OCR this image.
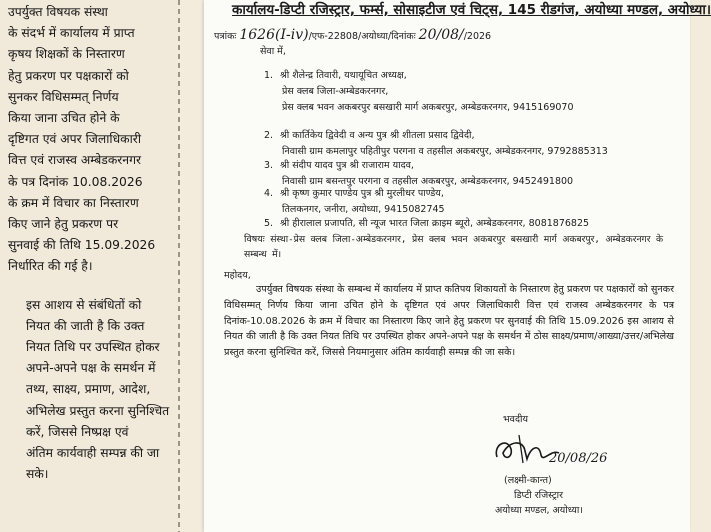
उपर्युक्त विषयक संस्था
के संदर्भ में कार्यालय में प्राप्त
कृषय शिक्षकों के निस्तारण
हेतु प्रकरण पर पक्षकारों को
सुनकर विधिसम्मत् निर्णय
किया जाना उचित होने के
दृष्टिगत एवं अपर जिलाधिकारी
वित्त एवं राजस्व अम्बेडकरनगर
के पत्र दिनांक 10.08.2026
के क्रम में विचार का निस्तारण
किए जाने हेतु प्रकरण पर
सुनवाई की तिथि 15.09.2026
निर्धारित की गई है।

इस आशय से संबंधितों को
नियत की जाती है कि उक्त
नियत तिथि पर उपस्थित होकर
अपने-अपने पक्ष के समर्थन में
तथ्य, साक्ष्य, प्रमाण, आदेश,
अभिलेख प्रस्तुत करना सुनिश्चित
करें, जिससे निष्प्रक्ष एवं
अंतिम कार्यवाही सम्पन्न की जा
सके।

कार्यालय-डिप्टी रजिस्ट्रार, फर्म्स, सोसाइटीज एवं चिट्स, 145 रीडगंज, अयोध्या मण्डल, अयोध्या।
पत्रांकः 1626(I-iv)/एफ-22808/अयोध्या/दिनांकः 20/08//2026
सेवा में,
1. श्री शैलेन्द्र तिवारी, यथायूचित अध्यक्ष,
प्रेस क्लब जिला-अम्बेडकरनगर,
प्रेस क्लब भवन अकबरपुर बसखारी मार्ग अकबरपुर, अम्बेडकरनगर, 9415169070
2. श्री कार्तिकेय द्विवेदी व अन्य पुत्र श्री शीतला प्रसाद द्विवेदी,
निवासी ग्राम कमलापुर पहितीपुर परगना व तहसील अकबरपुर, अम्बेडकरनगर, 9792885313
3. श्री संदीप यादव पुत्र श्री राजाराम यादव,
निवासी ग्राम बसन्तपुर परगना व तहसील अकबरपुर, अम्बेडकरनगर, 9452491800
4. श्री कृष्ण कुमार पाण्डेय पुत्र श्री मुरलीधर पाण्डेय,
तिलकनगर, जनीरा, अयोध्या, 9415082745
5. श्री हीरालाल प्रजापति, सी न्यूज भारत जिला क्राइम ब्यूरो, अम्बेडकरनगर, 8081876825
विषयः संस्था-प्रेस क्लब जिला-अम्बेडकरनगर, प्रेस क्लब भवन अकबरपुर बसखारी मार्ग अकबरपुर, अम्बेडकरनगर के सम्बन्ध में।
महोदय,

उपर्युक्त विषयक संस्था के सम्बन्ध में कार्यालय में प्राप्त कतिपय शिकायतों के निस्तारण हेतु प्रकरण पर पक्षकारों को सुनकर विधिसम्मत् निर्णय किया जाना उचित होने के दृष्टिगत एवं अपर जिलाधिकारी वित्त एवं राजस्व अम्बेडकरनगर के पत्र दिनांक-10.08.2026 के क्रम में विचार का निस्तारण किए जाने हेतु प्रकरण पर सुनवाई की तिथि 15.09.2026 इस आशय से नियत की जाती है कि उक्त नियत तिथि पर उपस्थित होकर अपने-अपने पक्ष के समर्थन में ठोस साक्ष्य/प्रमाण/आख्या/उत्तर/अभिलेख प्रस्तुत करना सुनिश्चित करें, जिससे नियमानुसार अंतिम कार्यवाही सम्पन्न की जा सके।

भवदीय
20/08/26
(लक्ष्मी-कान्त)
डिप्टी रजिस्ट्रार
अयोध्या मण्डल, अयोध्या।
